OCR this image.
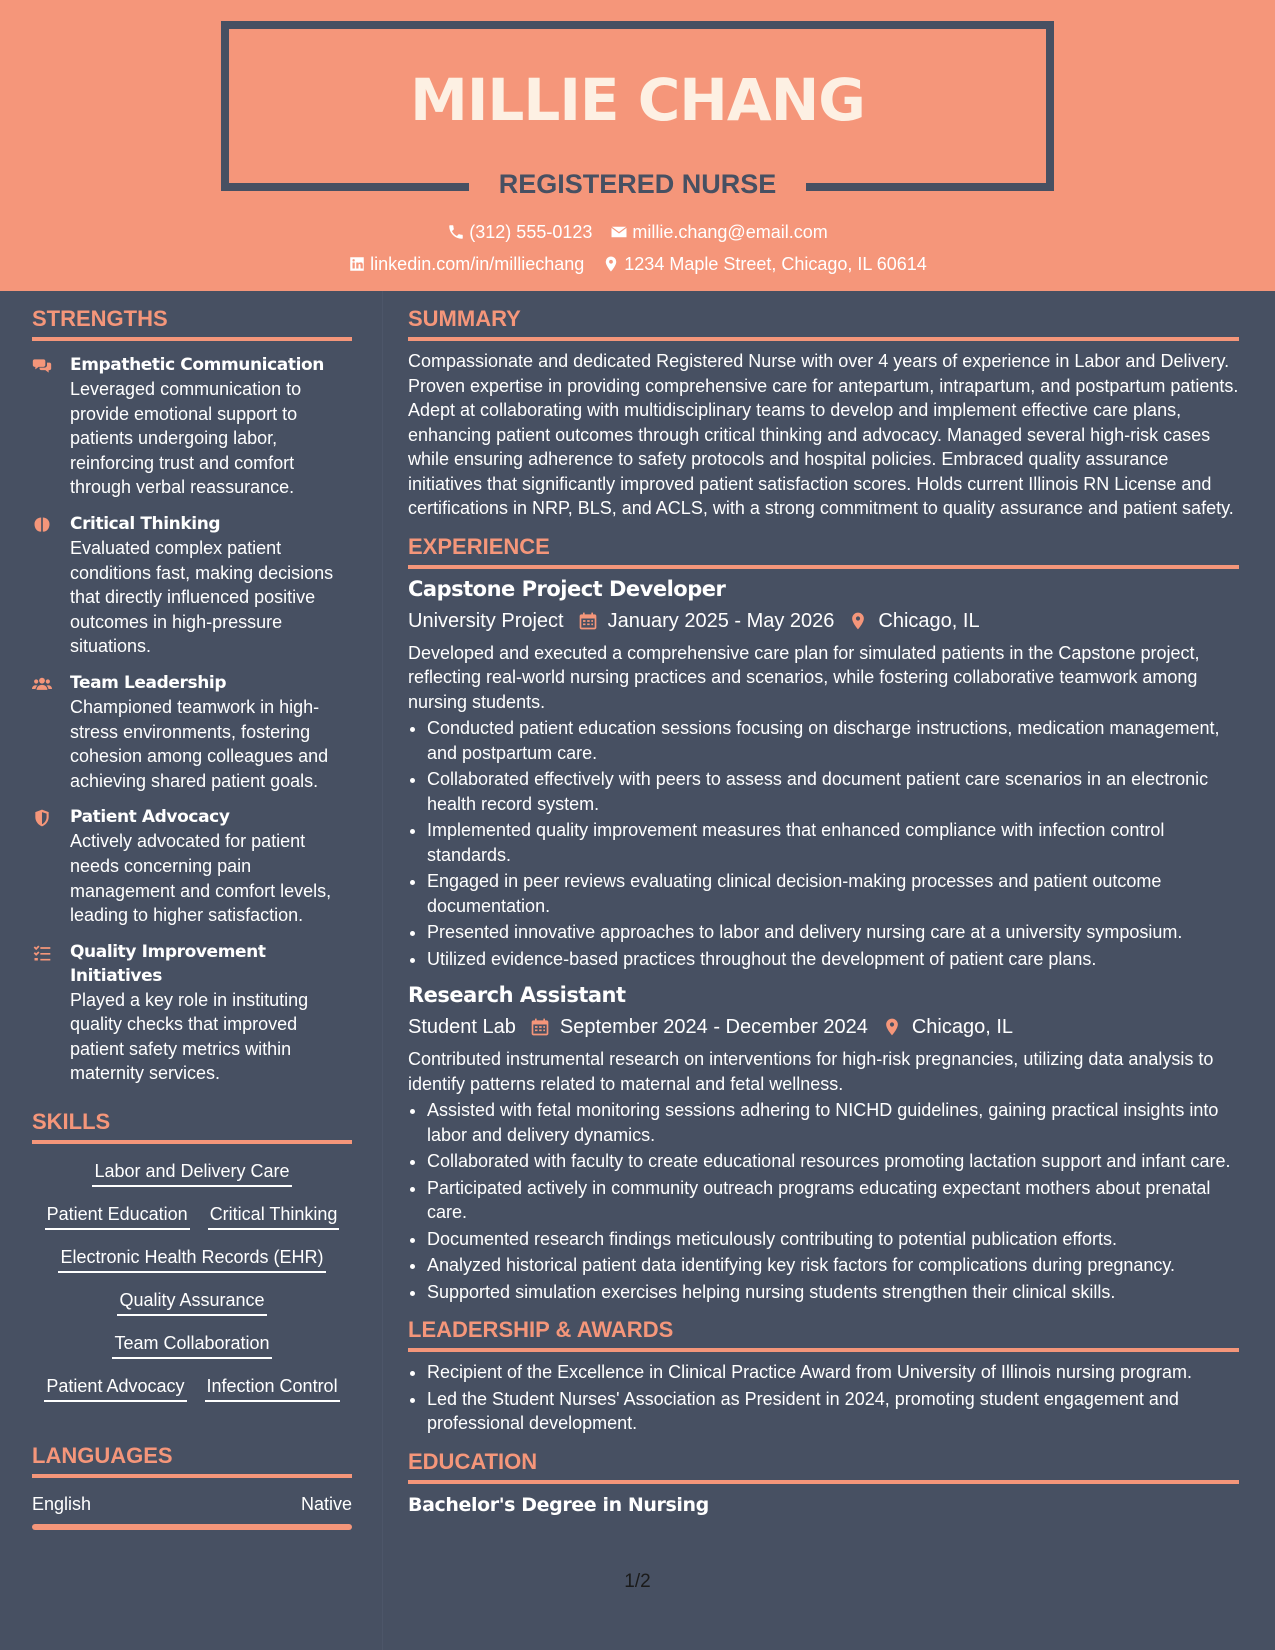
MILLIE CHANG
REGISTERED NURSE
(312) 555-0123 millie.chang@email.com
linkedin.com/in/milliechang 1234 Maple Street, Chicago, IL 60614
STRENGTHS
Empathetic Communication
Leveraged communication to provide emotional support to patients undergoing labor, reinforcing trust and comfort through verbal reassurance.
Critical Thinking
Evaluated complex patient conditions fast, making decisions that directly influenced positive outcomes in high-pressure situations.
Team Leadership
Championed teamwork in high-stress environments, fostering cohesion among colleagues and achieving shared patient goals.
Patient Advocacy
Actively advocated for patient needs concerning pain management and comfort levels, leading to higher satisfaction.
Quality Improvement Initiatives
Played a key role in instituting quality checks that improved patient safety metrics within maternity services.
SKILLS
Labor and Delivery Care
Patient Education Critical Thinking
Electronic Health Records (EHR)
Quality Assurance
Team Collaboration
Patient Advocacy Infection Control
LANGUAGES
English	Native
SUMMARY
Compassionate and dedicated Registered Nurse with over 4 years of experience in Labor and Delivery. Proven expertise in providing comprehensive care for antepartum, intrapartum, and postpartum patients. Adept at collaborating with multidisciplinary teams to develop and implement effective care plans, enhancing patient outcomes through critical thinking and advocacy. Managed several high-risk cases while ensuring adherence to safety protocols and hospital policies. Embraced quality assurance initiatives that significantly improved patient satisfaction scores. Holds current Illinois RN License and certifications in NRP, BLS, and ACLS, with a strong commitment to quality assurance and patient safety.
EXPERIENCE
Capstone Project Developer
University Project January 2025 - May 2026 Chicago, IL
Developed and executed a comprehensive care plan for simulated patients in the Capstone project, reflecting real-world nursing practices and scenarios, while fostering collaborative teamwork among nursing students.
• Conducted patient education sessions focusing on discharge instructions, medication management, and postpartum care.
• Collaborated effectively with peers to assess and document patient care scenarios in an electronic health record system.
• Implemented quality improvement measures that enhanced compliance with infection control standards.
• Engaged in peer reviews evaluating clinical decision-making processes and patient outcome documentation.
• Presented innovative approaches to labor and delivery nursing care at a university symposium.
• Utilized evidence-based practices throughout the development of patient care plans.
Research Assistant
Student Lab September 2024 - December 2024 Chicago, IL
Contributed instrumental research on interventions for high-risk pregnancies, utilizing data analysis to identify patterns related to maternal and fetal wellness.
• Assisted with fetal monitoring sessions adhering to NICHD guidelines, gaining practical insights into labor and delivery dynamics.
• Collaborated with faculty to create educational resources promoting lactation support and infant care.
• Participated actively in community outreach programs educating expectant mothers about prenatal care.
• Documented research findings meticulously contributing to potential publication efforts.
• Analyzed historical patient data identifying key risk factors for complications during pregnancy.
• Supported simulation exercises helping nursing students strengthen their clinical skills.
LEADERSHIP & AWARDS
• Recipient of the Excellence in Clinical Practice Award from University of Illinois nursing program.
• Led the Student Nurses' Association as President in 2024, promoting student engagement and professional development.
EDUCATION
Bachelor's Degree in Nursing
1/2
